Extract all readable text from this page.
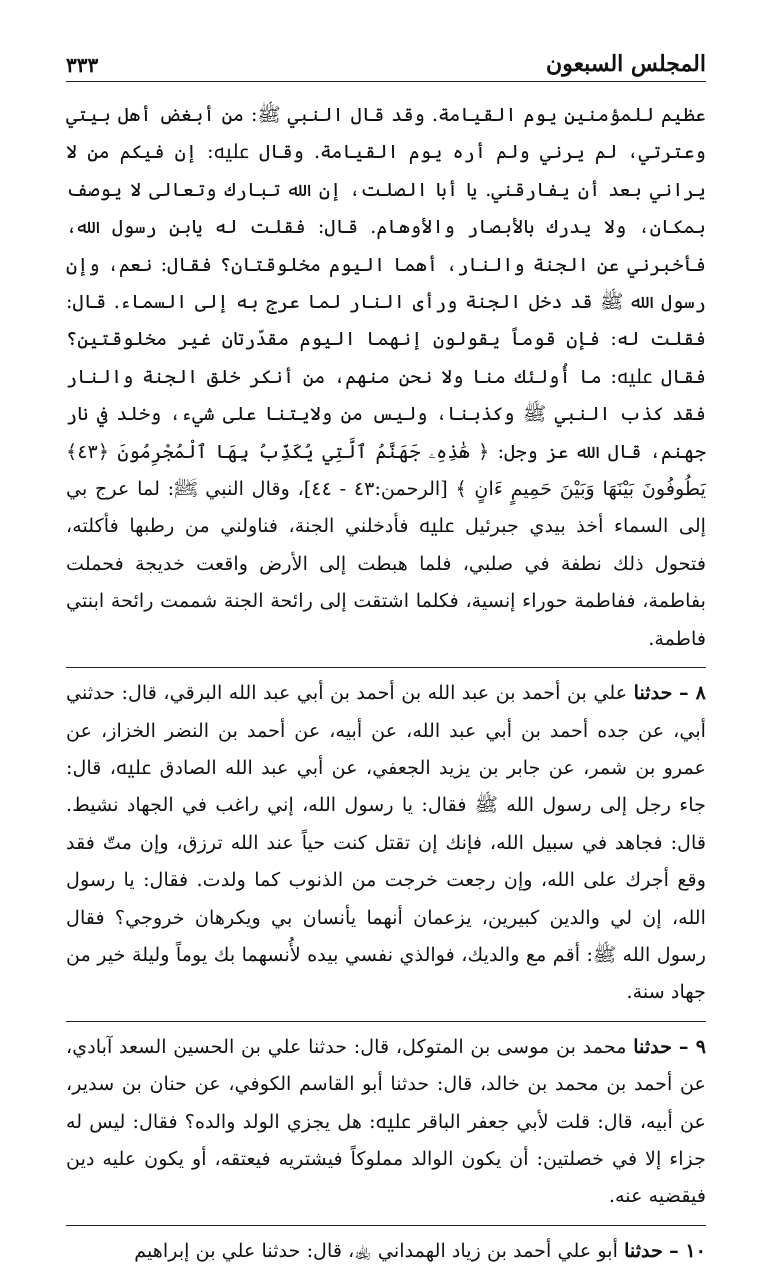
المجلس السبعون
٣٣٣

عظيم للمؤمنين يوم القيامة. وقد قال النبي ﷺ: من أبغض أهل بيتي وعترتي، لم يرني ولم أره يوم القيامة. وقال ﷷ: إن فيكم من لا يراني بعد أن يفارقني. يا أبا الصلت، إن الله تبارك وتعالى لا يوصف بمكان، ولا يدرك بالأبصار والأوهام. قال: فقلت له يابن رسول الله، فأخبرني عن الجنة والنار، أهما اليوم مخلوقتان؟ فقال: نعم، وإن رسول الله ﷺ قد دخل الجنة ورأى النار لما عرج به إلى السماء. قال: فقلت له: فإن قوماً يقولون إنهما اليوم مقدّرتان غير مخلوقتين؟ فقال ﷷ: ما أُولئك منا ولا نحن منهم، من أنكر خلق الجنة والنار فقد كذب النبي ﷺ وكذبنا، وليس من ولايتنا على شيء، وخلد في نار جهنم، قال الله عز وجل: ﴿ هَٰذِهِۦ جَهَنَّمُ ٱلَّتِي يُكَذِّبُ بِهَا ٱلْمُجْرِمُونَ ﴿٤٣﴾ يَطُوفُونَ بَيْنَهَا وَبَيْنَ حَمِيمٍ ءَانٍ ﴾ [الرحمن:٤٣ - ٤٤]، وقال النبي ﷺ: لما عرج بي إلى السماء أخذ بيدي جبرئيل ﷷ فأدخلني الجنة، فناولني من رطبها فأكلته، فتحول ذلك نطفة في صلبي، فلما هبطت إلى الأرض واقعت خديجة فحملت بفاطمة، ففاطمة حوراء إنسية، فكلما اشتقت إلى رائحة الجنة شممت رائحة ابنتي فاطمة.

٨ – حدثنا علي بن أحمد بن عبد الله بن أحمد بن أبي عبد الله البرقي، قال: حدثني أبي، عن جده أحمد بن أبي عبد الله، عن أبيه، عن أحمد بن النضر الخزاز، عن عمرو بن شمر، عن جابر بن يزيد الجعفي، عن أبي عبد الله الصادق ﷷ، قال: جاء رجل إلى رسول الله ﷺ فقال: يا رسول الله، إني راغب في الجهاد نشيط. قال: فجاهد في سبيل الله، فإنك إن تقتل كنت حياً عند الله ترزق، وإن متّ فقد وقع أجرك على الله، وإن رجعت خرجت من الذنوب كما ولدت. فقال: يا رسول الله، إن لي والدين كبيرين، يزعمان أنهما يأنسان بي ويكرهان خروجي؟ فقال رسول الله ﷺ: أقم مع والديك، فوالذي نفسي بيده لأُنسهما بك يوماً وليلة خير من جهاد سنة.

٩ – حدثنا محمد بن موسى بن المتوكل، قال: حدثنا علي بن الحسين السعد آبادي، عن أحمد بن محمد بن خالد، قال: حدثنا أبو القاسم الكوفي، عن حنان بن سدير، عن أبيه، قال: قلت لأبي جعفر الباقر ﷷ: هل يجزي الولد والده؟ فقال: ليس له جزاء إلا في خصلتين: أن يكون الوالد مملوكاً فيشتريه فيعتقه، أو يكون عليه دين فيقضيه عنه.

١٠ – حدثنا أبو علي أحمد بن زياد الهمداني ﵀، قال: حدثنا علي بن إبراهيم
